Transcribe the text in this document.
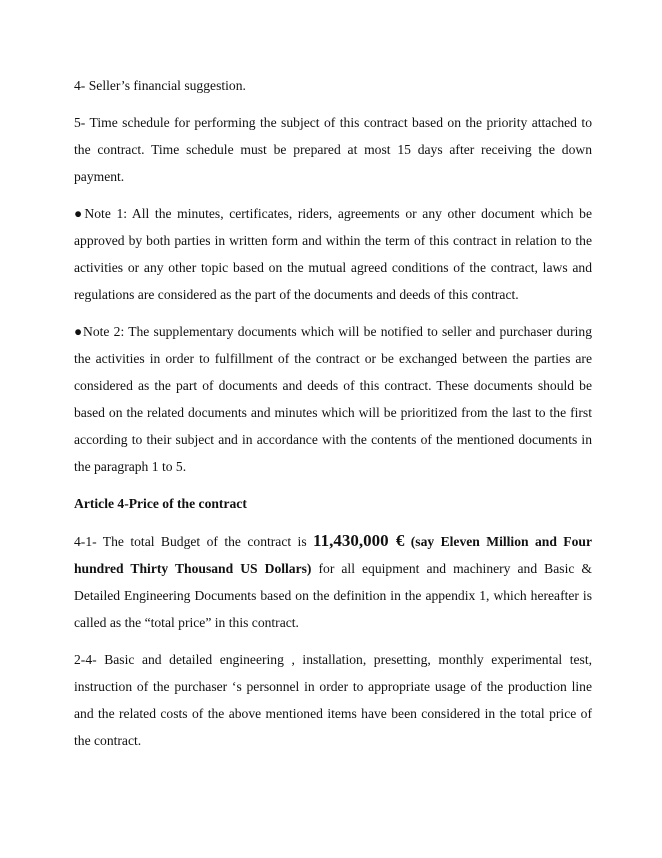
4- Seller’s financial suggestion.

5- Time schedule for performing the subject of this contract based on the priority attached to the contract. Time schedule must be prepared at most 15 days after receiving the down payment.

●Note 1: All the minutes, certificates, riders, agreements or any other document which be approved by both parties in written form and within the term of this contract in relation to the activities or any other topic based on the mutual agreed conditions of the contract, laws and regulations are considered as the part of the documents and deeds of this contract.

●Note 2: The supplementary documents which will be notified to seller and purchaser during the activities in order to fulfillment of the contract or be exchanged between the parties are considered as the part of documents and deeds of this contract. These documents should be based on the related documents and minutes which will be prioritized from the last to the first according to their subject and in accordance with the contents of the mentioned documents in the paragraph 1 to 5.

Article 4-Price of the contract

4-1- The total Budget of the contract is 11,430,000 € (say Eleven Million and Four hundred Thirty Thousand US Dollars) for all equipment and machinery and Basic & Detailed Engineering Documents based on the definition in the appendix 1, which hereafter is called as the “total price” in this contract.

2-4- Basic and detailed engineering , installation, presetting, monthly experimental test, instruction of the purchaser ‘s personnel in order to appropriate usage of the production line and the related costs of the above mentioned items have been considered in the total price of the contract.
